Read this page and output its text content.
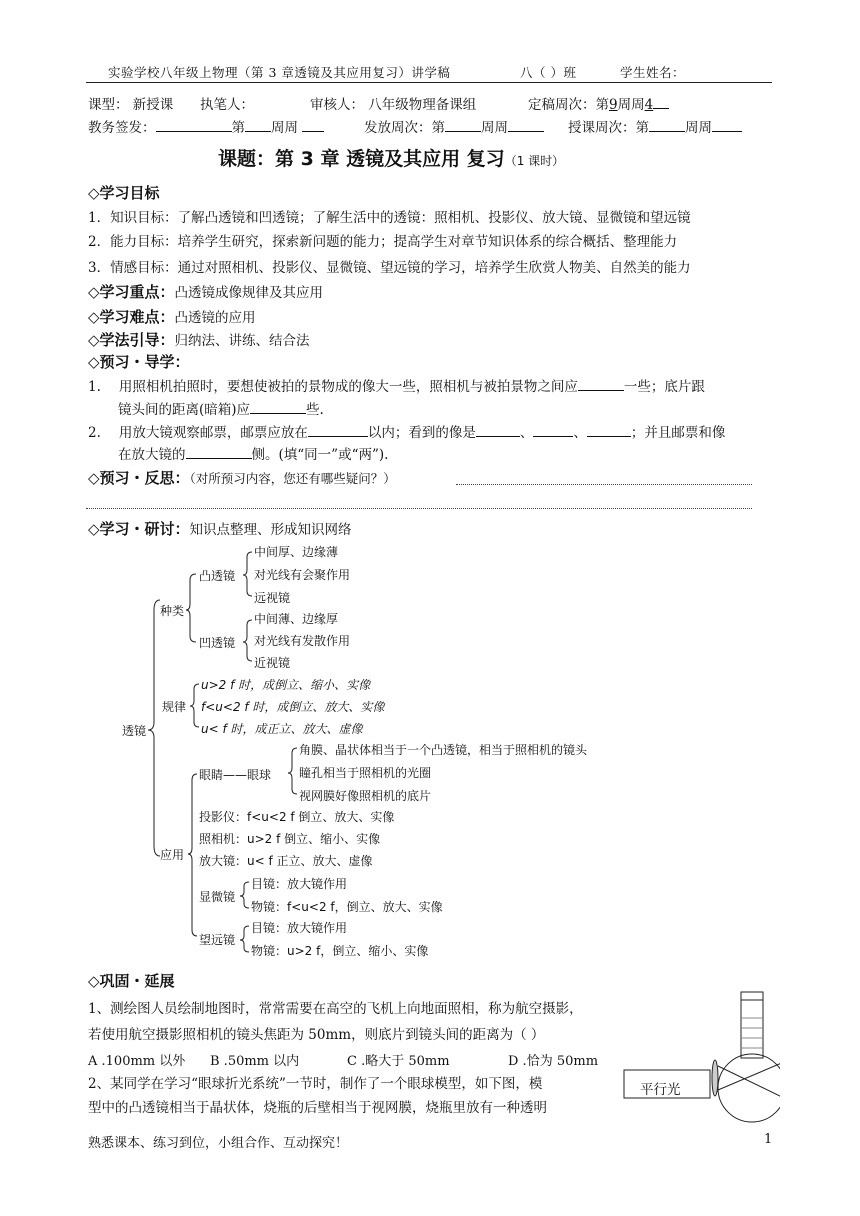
实验学校八年级上物理（第 3 章透镜及其应用复习）讲学稿	八（ ）班	学生姓名：
课型： 新授课 执笔人：	审核人： 八年级物理备课组	定稿周次：第9周周4
教务签发：	第 周周	发放周次：第	周周	授课周次：第	周周
课题：第 3 章 透镜及其应用 复习（1 课时）
◇学习目标
1．知识目标：了解凸透镜和凹透镜；了解生活中的透镜：照相机、投影仪、放大镜、显微镜和望远镜
2．能力目标：培养学生研究，探索新问题的能力；提高学生对章节知识体系的综合概括、整理能力
3．情感目标：通过对照相机、投影仪、显微镜、望远镜的学习，培养学生欣赏人物美、自然美的能力
◇学习重点：凸透镜成像规律及其应用
◇学习难点：凸透镜的应用
◇学法引导：归纳法、讲练、结合法
◇预习・导学：
1. 用照相机拍照时，要想使被拍的景物成的像大一些，照相机与被拍景物之间应	一些；底片跟
镜头间的距离(暗箱)应	些.
2. 用放大镜观察邮票，邮票应放在	以内；看到的像是	、	、	；并且邮票和像
在放大镜的	侧。(填“同一”或“两”).
◇预习・反思：（对所预习内容，您还有哪些疑问？）
◇学习・研讨：知识点整理、形成知识网络
透镜
种类
凸透镜
中间厚、边缘薄
对光线有会聚作用
远视镜
凹透镜
中间薄、边缘厚
对光线有发散作用
近视镜
规律
u>2 f 时，成倒立、缩小、实像
f<u<2 f 时，成倒立、放大、实像
u< f 时，成正立、放大、虚像
应用
眼睛——眼球
角膜、晶状体相当于一个凸透镜，相当于照相机的镜头
瞳孔相当于照相机的光圈
视网膜好像照相机的底片
投影仪：f<u<2 f 倒立、放大、实像
照相机：u>2 f 倒立、缩小、实像
放大镜：u< f 正立、放大、虚像
显微镜
目镜：放大镜作用
物镜：f<u<2 f，倒立、放大、实像
望远镜
目镜：放大镜作用
物镜：u>2 f，倒立、缩小、实像
◇巩固・延展
1、测绘图人员绘制地图时，常常需要在高空的飞机上向地面照相，称为航空摄影，
若使用航空摄影照相机的镜头焦距为 50mm，则底片到镜头间的距离为（ ）
A .100mm 以外 B .50mm 以内	C .略大于 50mm	D .恰为 50mm
2、某同学在学习“眼球折光系统”一节时，制作了一个眼球模型，如下图，模
型中的凸透镜相当于晶状体，烧瓶的后壁相当于视网膜，烧瓶里放有一种透明
平行光
熟悉课本、练习到位，小组合作、互动探究！	1
